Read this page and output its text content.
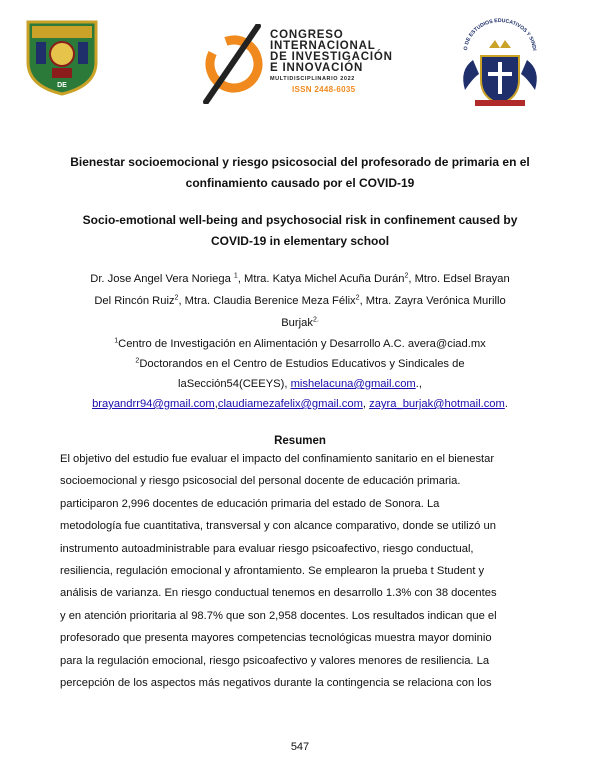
DE
CONGRESO
INTERNACIONAL
DE INVESTIGACIÓN
E INNOVACIÓN
MULTIDISCIPLINARIO 2022
ISSN 2448-6035
O DE ESTUDIOS EDUCATIVOS Y SINDI
Bienestar socioemocional y riesgo psicosocial del profesorado de primaria en el
confinamiento causado por el COVID-19
Socio-emotional well-being and psychosocial risk in confinement caused by
COVID-19 in elementary school
Dr. Jose Angel Vera Noriega $^1$, Mtra. Katya Michel Acuña Durán$^2$, Mtro. Edsel Brayan
Del Rincón Ruiz$^2$, Mtra. Claudia Berenice Meza Félix$^2$, Mtra. Zayra Verónica Murillo
Burjak$^{2.}$
$^1$Centro de Investigación en Alimentación y Desarrollo A.C. avera@ciad.mx
$^2$Doctorandos en el Centro de Estudios Educativos y Sindicales de
laSección54(CEEYS), mishelacuna@gmail.com.,
brayandrr94@gmail.com,claudiamezafelix@gmail.com, zayra_burjak@hotmail.com.
Resumen
El objetivo del estudio fue evaluar el impacto del confinamiento sanitario en el bienestar
socioemocional y riesgo psicosocial del personal docente de educación primaria.
participaron 2,996 docentes de educación primaria del estado de Sonora. La
metodología fue cuantitativa, transversal y con alcance comparativo, donde se utilizó un
instrumento autoadministrable para evaluar riesgo psicoafectivo, riesgo conductual,
resiliencia, regulación emocional y afrontamiento. Se emplearon la prueba t Student y
análisis de varianza. En riesgo conductual tenemos en desarrollo 1.3% con 38 docentes
y en atención prioritaria al 98.7% que son 2,958 docentes. Los resultados indican que el
profesorado que presenta mayores competencias tecnológicas muestra mayor dominio
para la regulación emocional, riesgo psicoafectivo y valores menores de resiliencia. La
percepción de los aspectos más negativos durante la contingencia se relaciona con los
547
